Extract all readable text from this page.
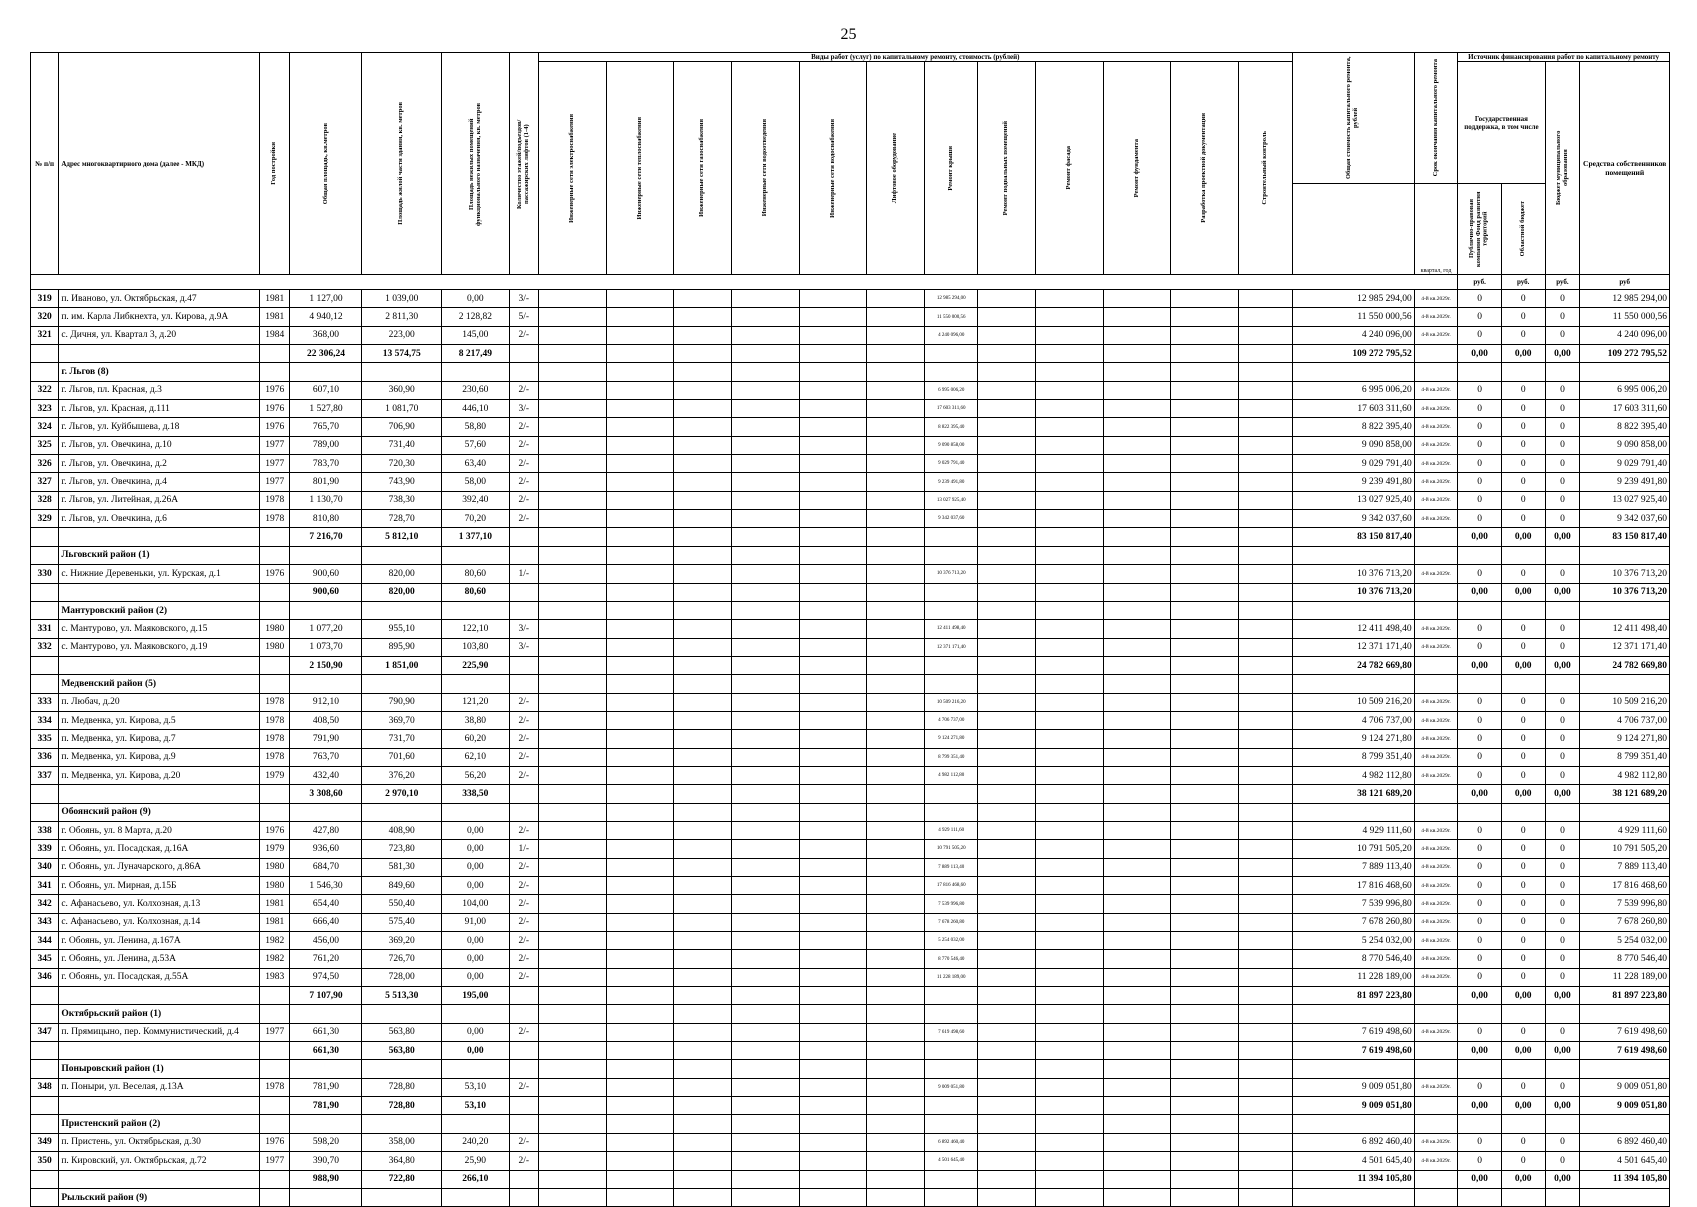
25
№ п/п	Адрес многоквартирного дома (далее - МКД)	Год постройки	Общая площадь, кв.метров	Площадь жилой части здания, кв. метров	Площадь нежилых помещений функционального назначения, кв. метров	Количество этажей/подъездов/ пассажирских лифтов (1-4)	Виды работ (услуг) по капитальному ремонту, стоимость (рублей)												Общая стоимость капитального ремонта, рублей	Срок окончания капитального ремонта	Источник финансирования работ по капитальному ремонту			

							Инженерные сети электроснабжения	Инженерные сети теплоснабжения	Инженерные сети газоснабжения	Инженерные сети водоотведения	Инженерные сети водоснабжения	Лифтовое оборудование	Ремонт крыши	Ремонт подвальных помещений	Ремонт фасада	Ремонт фундамента	Разработка проектной документации	Строительный контроль			Государственная поддержка, в том числе		Бюджет муниципального образования	Средства собственников помещений
																				квартал, год	Публично-правовая компания Фонд развития территорий	Областной бюджет		

																					руб.	руб.	руб.	руб
319	п. Иваново, ул. Октябрьская, д.47	1981	1 127,00	1 039,00	0,00	3/-							12 985 294,00						12 985 294,00	4-й кв.2029г.	0	0	0	12 985 294,00
320	п. им. Карла Либкнехта, ул. Кирова, д.9А	1981	4 940,12	2 811,30	2 128,82	5/-							11 550 000,56						11 550 000,56	4-й кв.2029г.	0	0	0	11 550 000,56
321	с. Дичня, ул. Квартал 3, д.20	1984	368,00	223,00	145,00	2/-							4 240 096,00						4 240 096,00	4-й кв.2029г.	0	0	0	4 240 096,00
			22 306,24	13 574,75	8 217,49														109 272 795,52		0,00	0,00	0,00	109 272 795,52
	г. Льгов (8)																							
322	г. Льгов, пл. Красная, д.3	1976	607,10	360,90	230,60	2/-							6 995 006,20						6 995 006,20	4-й кв.2029г.	0	0	0	6 995 006,20
323	г. Льгов, ул. Красная, д.111	1976	1 527,80	1 081,70	446,10	3/-							17 603 311,60						17 603 311,60	4-й кв.2029г.	0	0	0	17 603 311,60
324	г. Льгов, ул. Куйбышева, д.18	1976	765,70	706,90	58,80	2/-							8 822 395,40						8 822 395,40	4-й кв.2029г.	0	0	0	8 822 395,40
325	г. Льгов, ул. Овечкина, д.10	1977	789,00	731,40	57,60	2/-							9 090 858,00						9 090 858,00	4-й кв.2029г.	0	0	0	9 090 858,00
326	г. Льгов, ул. Овечкина, д.2	1977	783,70	720,30	63,40	2/-							9 029 791,40						9 029 791,40	4-й кв.2029г.	0	0	0	9 029 791,40
327	г. Льгов, ул. Овечкина, д.4	1977	801,90	743,90	58,00	2/-							9 239 491,80						9 239 491,80	4-й кв.2029г.	0	0	0	9 239 491,80
328	г. Льгов, ул. Литейная, д.26А	1978	1 130,70	738,30	392,40	2/-							13 027 925,40						13 027 925,40	4-й кв.2029г.	0	0	0	13 027 925,40
329	г. Льгов, ул. Овечкина, д.6	1978	810,80	728,70	70,20	2/-							9 342 037,60						9 342 037,60	4-й кв.2029г.	0	0	0	9 342 037,60
			7 216,70	5 812,10	1 377,10														83 150 817,40		0,00	0,00	0,00	83 150 817,40
	Льговский район (1)																							
330	с. Нижние Деревеньки, ул. Курская, д.1	1976	900,60	820,00	80,60	1/-							10 376 713,20						10 376 713,20	4-й кв.2029г.	0	0	0	10 376 713,20
			900,60	820,00	80,60														10 376 713,20		0,00	0,00	0,00	10 376 713,20
	Мантуровский район (2)																							
331	с. Мантурово, ул. Маяковского, д.15	1980	1 077,20	955,10	122,10	3/-							12 411 498,40						12 411 498,40	4-й кв.2029г.	0	0	0	12 411 498,40
332	с. Мантурово, ул. Маяковского, д.19	1980	1 073,70	895,90	103,80	3/-							12 371 171,40						12 371 171,40	4-й кв.2029г.	0	0	0	12 371 171,40
			2 150,90	1 851,00	225,90														24 782 669,80		0,00	0,00	0,00	24 782 669,80
	Медвенский район (5)																							
333	п. Любач, д.20	1978	912,10	790,90	121,20	2/-							10 509 216,20						10 509 216,20	4-й кв.2029г.	0	0	0	10 509 216,20
334	п. Медвенка, ул. Кирова, д.5	1978	408,50	369,70	38,80	2/-							4 706 737,00						4 706 737,00	4-й кв.2029г.	0	0	0	4 706 737,00
335	п. Медвенка, ул. Кирова, д.7	1978	791,90	731,70	60,20	2/-							9 124 271,80						9 124 271,80	4-й кв.2029г.	0	0	0	9 124 271,80
336	п. Медвенка, ул. Кирова, д.9	1978	763,70	701,60	62,10	2/-							8 799 351,40						8 799 351,40	4-й кв.2029г.	0	0	0	8 799 351,40
337	п. Медвенка, ул. Кирова, д.20	1979	432,40	376,20	56,20	2/-							4 982 112,80						4 982 112,80	4-й кв.2029г.	0	0	0	4 982 112,80
			3 308,60	2 970,10	338,50														38 121 689,20		0,00	0,00	0,00	38 121 689,20
	Обоянский район (9)																							
338	г. Обоянь, ул. 8 Марта, д.20	1976	427,80	408,90	0,00	2/-							4 929 111,60						4 929 111,60	4-й кв.2029г.	0	0	0	4 929 111,60
339	г. Обоянь, ул. Посадская, д.16А	1979	936,60	723,80	0,00	1/-							10 791 505,20						10 791 505,20	4-й кв.2029г.	0	0	0	10 791 505,20
340	г. Обоянь, ул. Луначарского, д.86А	1980	684,70	581,30	0,00	2/-							7 889 113,40						7 889 113,40	4-й кв.2029г.	0	0	0	7 889 113,40
341	г. Обоянь, ул. Мирная, д.15Б	1980	1 546,30	849,60	0,00	2/-							17 816 468,60						17 816 468,60	4-й кв.2029г.	0	0	0	17 816 468,60
342	с. Афанасьево, ул. Колхозная, д.13	1981	654,40	550,40	104,00	2/-							7 539 996,80						7 539 996,80	4-й кв.2029г.	0	0	0	7 539 996,80
343	с. Афанасьево, ул. Колхозная, д.14	1981	666,40	575,40	91,00	2/-							7 678 260,80						7 678 260,80	4-й кв.2029г.	0	0	0	7 678 260,80
344	г. Обоянь, ул. Ленина, д.167А	1982	456,00	369,20	0,00	2/-							5 254 032,00						5 254 032,00	4-й кв.2029г.	0	0	0	5 254 032,00
345	г. Обоянь, ул. Ленина, д.53А	1982	761,20	726,70	0,00	2/-							8 770 546,40						8 770 546,40	4-й кв.2029г.	0	0	0	8 770 546,40
346	г. Обоянь, ул. Посадская, д.55А	1983	974,50	728,00	0,00	2/-							11 228 189,00						11 228 189,00	4-й кв.2029г.	0	0	0	11 228 189,00
			7 107,90	5 513,30	195,00														81 897 223,80		0,00	0,00	0,00	81 897 223,80
	Октябрьский район (1)																							
347	п. Прямицыно, пер. Коммунистический, д.4	1977	661,30	563,80	0,00	2/-							7 619 498,60						7 619 498,60	4-й кв.2029г.	0	0	0	7 619 498,60
			661,30	563,80	0,00														7 619 498,60		0,00	0,00	0,00	7 619 498,60
	Поныровский район (1)																							
348	п. Поныри, ул. Веселая, д.13А	1978	781,90	728,80	53,10	2/-							9 009 051,80						9 009 051,80	4-й кв.2029г.	0	0	0	9 009 051,80
			781,90	728,80	53,10														9 009 051,80		0,00	0,00	0,00	9 009 051,80
	Пристенский район (2)																							
349	п. Пристень, ул. Октябрьская, д.30	1976	598,20	358,00	240,20	2/-							6 892 460,40						6 892 460,40	4-й кв.2029г.	0	0	0	6 892 460,40
350	п. Кировский, ул. Октябрьская, д.72	1977	390,70	364,80	25,90	2/-							4 501 645,40						4 501 645,40	4-й кв.2029г.	0	0	0	4 501 645,40
			988,90	722,80	266,10														11 394 105,80		0,00	0,00	0,00	11 394 105,80
	Рыльский район (9)																							
